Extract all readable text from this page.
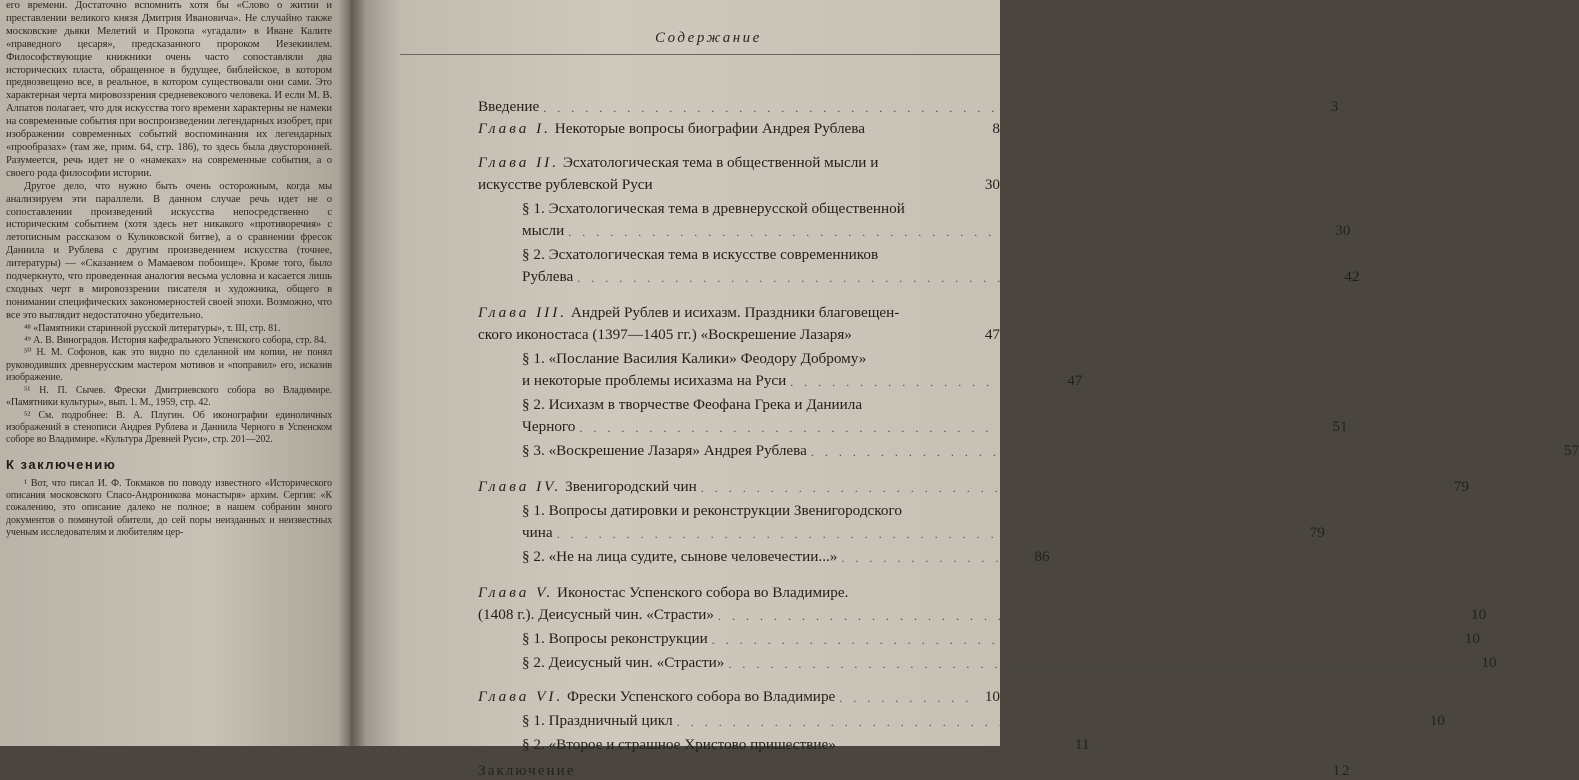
его времени. Достаточно вспомнить хотя бы «Слово о житии и преставлении великого князя Дмитрия Ивановича». Не случайно также московские дьяки Мелетий и Прокопа «угадали» в Иване Калите «праведного цесаря», предсказанного пророком Иезекиилем. Философствующие книжники очень часто сопоставляли два исторических пласта, обращенное в будущее, библейское, в котором предвозвещено все, в реальное, в котором существовали они сами. Это характерная черта мировоззрения средневекового человека. И если М. В. Алпатов полагает, что для искусства того времени характерны не намеки на современные события при воспроизведении легендарных изобрет, при изображении современных событий воспоминания их легендарных «прообразах» (там же, прим. 64, стр. 186), то здесь была двусторонней. Разумеется, речь идет не о «намеках» на современные события, а о своего рода философии истории.

Другое дело, что нужно быть очень осторожным, когда мы анализируем эти параллели. В данном случае речь идет не о сопоставлении произведений искусства непосредственно с историческим событием (хотя здесь нет никакого «противоречия» с летописным рассказом о Куликовской битве), а о сравнении фресок Даниила и Рублева с другим произведением искусства (точнее, литературы) — «Сказанием о Мамаевом побоище». Кроме того, было подчеркнуто, что проведенная аналогия весьма условна и касается лишь сходных черт в мировоззрении писателя и художника, общего в понимании специфических закономерностей своей эпохи. Возможно, что все это выглядит недостаточно убедительно.

⁴⁸ «Памятники старинной русской литературы», т. III, стр. 81.

⁴⁹ А. В. Виноградов. История кафедрального Успенского собора, стр. 84.

⁵⁰ Н. М. Софонов, как это видно по сделанной им копии, не понял руководивших древнерусским мастером мотивов и «поправил» его, исказив изображение.

⁵¹ Н. П. Сычев. Фрески Дмитриевского собора во Владимире. «Памятники культуры», вып. 1. М., 1959, стр. 42.

⁵² См. подробнее: В. А. Плугин. Об иконографии единоличных изображений в стенописи Андрея Рублева и Даниила Черного в Успенском соборе во Владимире. «Культура Древней Руси», стр. 201—202.

К заключению

¹ Вот, что писал И. Ф. Токмаков по поводу известного «Исторического описания московского Спасо-Андроникова монастыря» архим. Сергия: «К сожалению, это описание далеко не полное; в нашем собрании много документов о помянутой обители, до сей поры неизданных и неизвестных ученым исследователям и любителям цер-

Содержание
Введение . . . . . . . . . . . . . . . . . . . . . . . . . . . . . . . . . . . . . . . . . . . . . . . . . . . . . . . . 3
Глава I. Некоторые вопросы биографии Андрея Рублева	8
Глава II. Эсхатологическая тема в общественной мысли и
искусстве рублевской Руси	30
§ 1. Эсхатологическая тема в древнерусской общественной
мысли . . . . . . . . . . . . . . . . . . . . . . . . . . . . . . . . . . . . . . . . . . . . . . . . . . . . . . . 30
§ 2. Эсхатологическая тема в искусстве современников
Рублева . . . . . . . . . . . . . . . . . . . . . . . . . . . . . . . . . . . . . . . . . . . . . . . . . . . . . . . 42
Глава III. Андрей Рублев и исихазм. Праздники благовещен-
ского иконостаса (1397—1405 гг.) «Воскрешение Лазаря»	47
§ 1. «Послание Василия Калики» Феодору Доброму»
и некоторые проблемы исихазма на Руси . . . . . . . . . . . . . . . . . . . . 47
§ 2. Исихазм в творчестве Феофана Грека и Даниила
Черного . . . . . . . . . . . . . . . . . . . . . . . . . . . . . . . . . . . . . . . . . . . . . . . . . . . . . . 51
§ 3. «Воскрешение Лазаря» Андрея Рублева . . . . . . . . . . . . . . . . . . . . . . . . . . . . . . . . . . . . . . . . . . . . . . . . . . . . . . 57
Глава IV. Звенигородский чин . . . . . . . . . . . . . . . . . . . . . . . . . . . . . . . . . . . . . . . . . . . . . . . . . . . . . . 79
§ 1. Вопросы датировки и реконструкции Звенигородского
чина . . . . . . . . . . . . . . . . . . . . . . . . . . . . . . . . . . . . . . . . . . . . . . . . . . . . . . 79
§ 2. «Не на лица судите, сынове человечестии...» . . . . . . . . . . . . . . 86
Глава V. Иконостас Успенского собора во Владимире.
(1408 г.). Деисусный чин. «Страсти» . . . . . . . . . . . . . . . . . . . . . . . . . . . . . . . . . . . . . . . . . . . . . . . . . . . . . . 10
§ 1. Вопросы реконструкции . . . . . . . . . . . . . . . . . . . . . . . . . . . . . . . . . . . . . . . . . . . . . . . . . . . . . . 10
§ 2. Деисусный чин. «Страсти» . . . . . . . . . . . . . . . . . . . . . . . . . . . . . . . . . . . . . . . . . . . . . . . . . . . . . . 10
Глава VI. Фрески Успенского собора во Владимире . . . . . . . . . . 10
§ 1. Праздничный цикл . . . . . . . . . . . . . . . . . . . . . . . . . . . . . . . . . . . . . . . . . . . . . . . . . . . . . . 10
§ 2. «Второе и страшное Христово пришествие» . . . . . . . . . . . . . . . . . 11
Заключение . . . . . . . . . . . . . . . . . . . . . . . . . . . . . . . . . . . . . . . . . . . . . . . . . . . . . . 12
